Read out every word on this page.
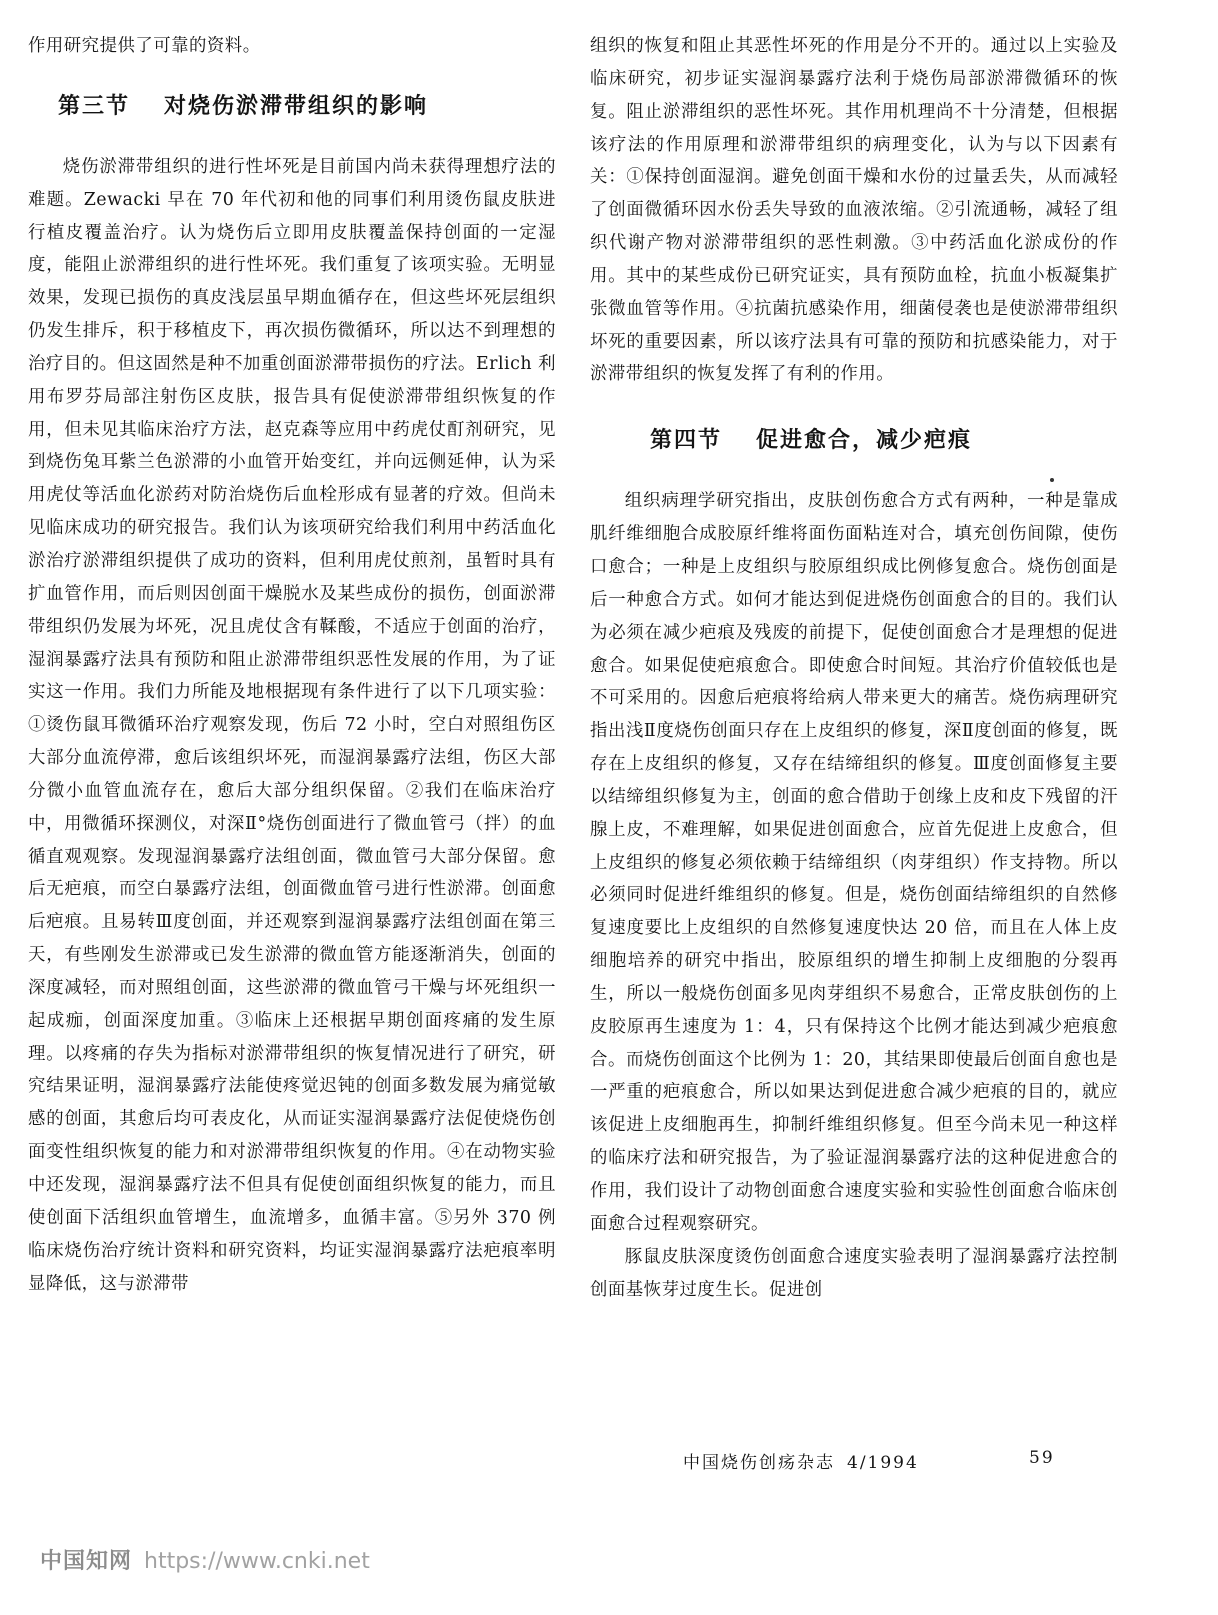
作用研究提供了可靠的资料。

第三节 对烧伤淤滞带组织的影响

烧伤淤滞带组织的进行性坏死是目前国内尚未获得理想疗法的难题。Zewacki 早在 70 年代初和他的同事们利用烫伤鼠皮肤进行植皮覆盖治疗。认为烧伤后立即用皮肤覆盖保持创面的一定湿度，能阻止淤滞组织的进行性坏死。我们重复了该项实验。无明显效果，发现已损伤的真皮浅层虽早期血循存在，但这些坏死层组织仍发生排斥，积于移植皮下，再次损伤微循环，所以达不到理想的治疗目的。但这固然是种不加重创面淤滞带损伤的疗法。Erlich 利用布罗芬局部注射伤区皮肤，报告具有促使淤滞带组织恢复的作用，但未见其临床治疗方法，赵克森等应用中药虎仗酊剂研究，见到烧伤兔耳紫兰色淤滞的小血管开始变红，并向远侧延伸，认为采用虎仗等活血化淤药对防治烧伤后血栓形成有显著的疗效。但尚未见临床成功的研究报告。我们认为该项研究给我们利用中药活血化淤治疗淤滞组织提供了成功的资料，但利用虎仗煎剂，虽暂时具有扩血管作用，而后则因创面干燥脱水及某些成份的损伤，创面淤滞带组织仍发展为坏死，况且虎仗含有鞣酸，不适应于创面的治疗，湿润暴露疗法具有预防和阻止淤滞带组织恶性发展的作用，为了证实这一作用。我们力所能及地根据现有条件进行了以下几项实验：①烫伤鼠耳微循环治疗观察发现，伤后 72 小时，空白对照组伤区大部分血流停滞，愈后该组织坏死，而湿润暴露疗法组，伤区大部分微小血管血流存在，愈后大部分组织保留。②我们在临床治疗中，用微循环探测仪，对深Ⅱ°烧伤创面进行了微血管弓（拌）的血循直观观察。发现湿润暴露疗法组创面，微血管弓大部分保留。愈后无疤痕，而空白暴露疗法组，创面微血管弓进行性淤滞。创面愈后疤痕。且易转Ⅲ度创面，并还观察到湿润暴露疗法组创面在第三天，有些刚发生淤滞或已发生淤滞的微血管方能逐渐消失，创面的深度减轻，而对照组创面，这些淤滞的微血管弓干燥与坏死组织一起成痂，创面深度加重。③临床上还根据早期创面疼痛的发生原理。以疼痛的存失为指标对淤滞带组织的恢复情况进行了研究，研究结果证明，湿润暴露疗法能使疼觉迟钝的创面多数发展为痛觉敏感的创面，其愈后均可表皮化，从而证实湿润暴露疗法促使烧伤创面变性组织恢复的能力和对淤滞带组织恢复的作用。④在动物实验中还发现，湿润暴露疗法不但具有促使创面组织恢复的能力，而且使创面下活组织血管增生，血流增多，血循丰富。⑤另外 370 例临床烧伤治疗统计资料和研究资料，均证实湿润暴露疗法疤痕率明显降低，这与淤滞带

组织的恢复和阻止其恶性坏死的作用是分不开的。通过以上实验及临床研究，初步证实湿润暴露疗法利于烧伤局部淤滞微循环的恢复。阻止淤滞组织的恶性坏死。其作用机理尚不十分清楚，但根据该疗法的作用原理和淤滞带组织的病理变化，认为与以下因素有关：①保持创面湿润。避免创面干燥和水份的过量丢失，从而减轻了创面微循环因水份丢失导致的血液浓缩。②引流通畅，减轻了组织代谢产物对淤滞带组织的恶性刺激。③中药活血化淤成份的作用。其中的某些成份已研究证实，具有预防血栓，抗血小板凝集扩张微血管等作用。④抗菌抗感染作用，细菌侵袭也是使淤滞带组织坏死的重要因素，所以该疗法具有可靠的预防和抗感染能力，对于淤滞带组织的恢复发挥了有利的作用。

第四节 促进愈合，减少疤痕

组织病理学研究指出，皮肤创伤愈合方式有两种，一种是靠成肌纤维细胞合成胶原纤维将面伤面粘连对合，填充创伤间隙，使伤口愈合；一种是上皮组织与胶原组织成比例修复愈合。烧伤创面是后一种愈合方式。如何才能达到促进烧伤创面愈合的目的。我们认为必须在减少疤痕及残废的前提下，促使创面愈合才是理想的促进愈合。如果促使疤痕愈合。即使愈合时间短。其治疗价值较低也是不可采用的。因愈后疤痕将给病人带来更大的痛苦。烧伤病理研究指出浅Ⅱ度烧伤创面只存在上皮组织的修复，深Ⅱ度创面的修复，既存在上皮组织的修复，又存在结缔组织的修复。Ⅲ度创面修复主要以结缔组织修复为主，创面的愈合借助于创缘上皮和皮下残留的汗腺上皮，不难理解，如果促进创面愈合，应首先促进上皮愈合，但上皮组织的修复必须依赖于结缔组织（肉芽组织）作支持物。所以必须同时促进纤维组织的修复。但是，烧伤创面结缔组织的自然修复速度要比上皮组织的自然修复速度快达 20 倍，而且在人体上皮细胞培养的研究中指出，胶原组织的增生抑制上皮细胞的分裂再生，所以一般烧伤创面多见肉芽组织不易愈合，正常皮肤创伤的上皮胶原再生速度为 1：4，只有保持这个比例才能达到减少疤痕愈合。而烧伤创面这个比例为 1：20，其结果即使最后创面自愈也是一严重的疤痕愈合，所以如果达到促进愈合减少疤痕的目的，就应该促进上皮细胞再生，抑制纤维组织修复。但至今尚未见一种这样的临床疗法和研究报告，为了验证湿润暴露疗法的这种促进愈合的作用，我们设计了动物创面愈合速度实验和实验性创面愈合临床创面愈合过程观察研究。

豚鼠皮肤深度烫伤创面愈合速度实验表明了湿润暴露疗法控制创面基恢芽过度生长。促进创

中国烧伤创疡杂志 4/1994	59
中国知网 https://www.cnki.net
